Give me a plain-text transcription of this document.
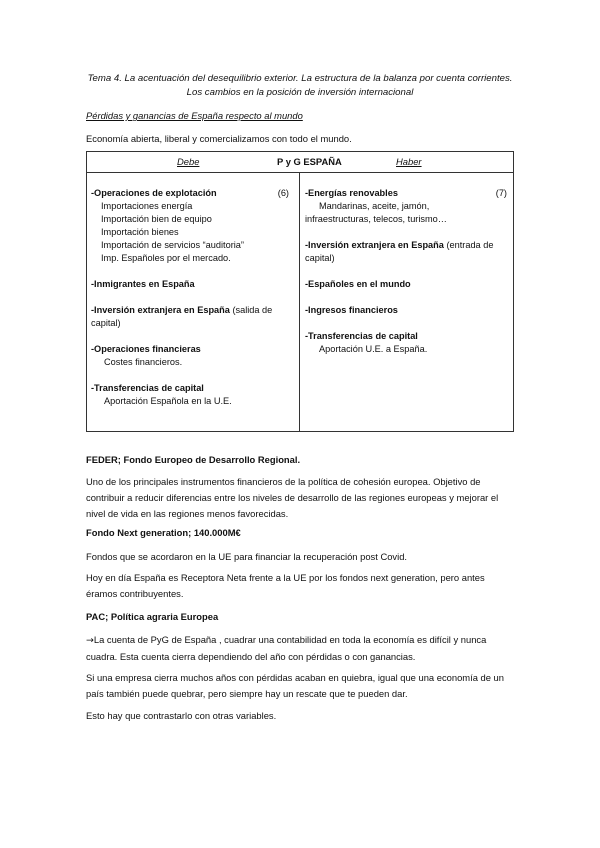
Tema 4. La acentuación del desequilibrio exterior. La estructura de la balanza por cuenta corrientes. Los cambios en la posición de inversión internacional
Pérdidas y ganancias de España respecto al mundo
Economía abierta, liberal y comercializamos con todo el mundo.
Debe	P y G ESPAÑA	Haber
-Operaciones de explotación	(6)
Importaciones energía
Importación bien de equipo
Importación bienes
Importación de servicios “auditoria”
Imp. Españoles por el mercado.
-Inmigrantes en España
-Inversión extranjera en España (salida de capital)
-Operaciones financieras
Costes financieros.
-Transferencias de capital
Aportación Española en la U.E.
-Energías renovables	(7)
Mandarinas, aceite, jamón,
infraestructuras, telecos, turismo…
-Inversión extranjera en España (entrada de capital)
-Españoles en el mundo
-Ingresos financieros
-Transferencias de capital
Aportación U.E. a España.
FEDER; Fondo Europeo de Desarrollo Regional.
Uno de los principales instrumentos financieros de la política de cohesión europea. Objetivo de contribuir a reducir diferencias entre los niveles de desarrollo de las regiones europeas y mejorar el nivel de vida en las regiones menos favorecidas.
Fondo Next generation; 140.000M€
Fondos que se acordaron en la UE para financiar la recuperación post Covid.
Hoy en día España es Receptora Neta frente a la UE por los fondos next generation, pero antes éramos contribuyentes.
PAC; Política agraria Europea
→La cuenta de PyG de España , cuadrar una contabilidad en toda la economía es difícil y nunca cuadra. Esta cuenta cierra dependiendo del año con pérdidas o con ganancias.
Si una empresa cierra muchos años con pérdidas acaban en quiebra, igual que una economía de un país también puede quebrar, pero siempre hay un rescate que te pueden dar.
Esto hay que contrastarlo con otras variables.
